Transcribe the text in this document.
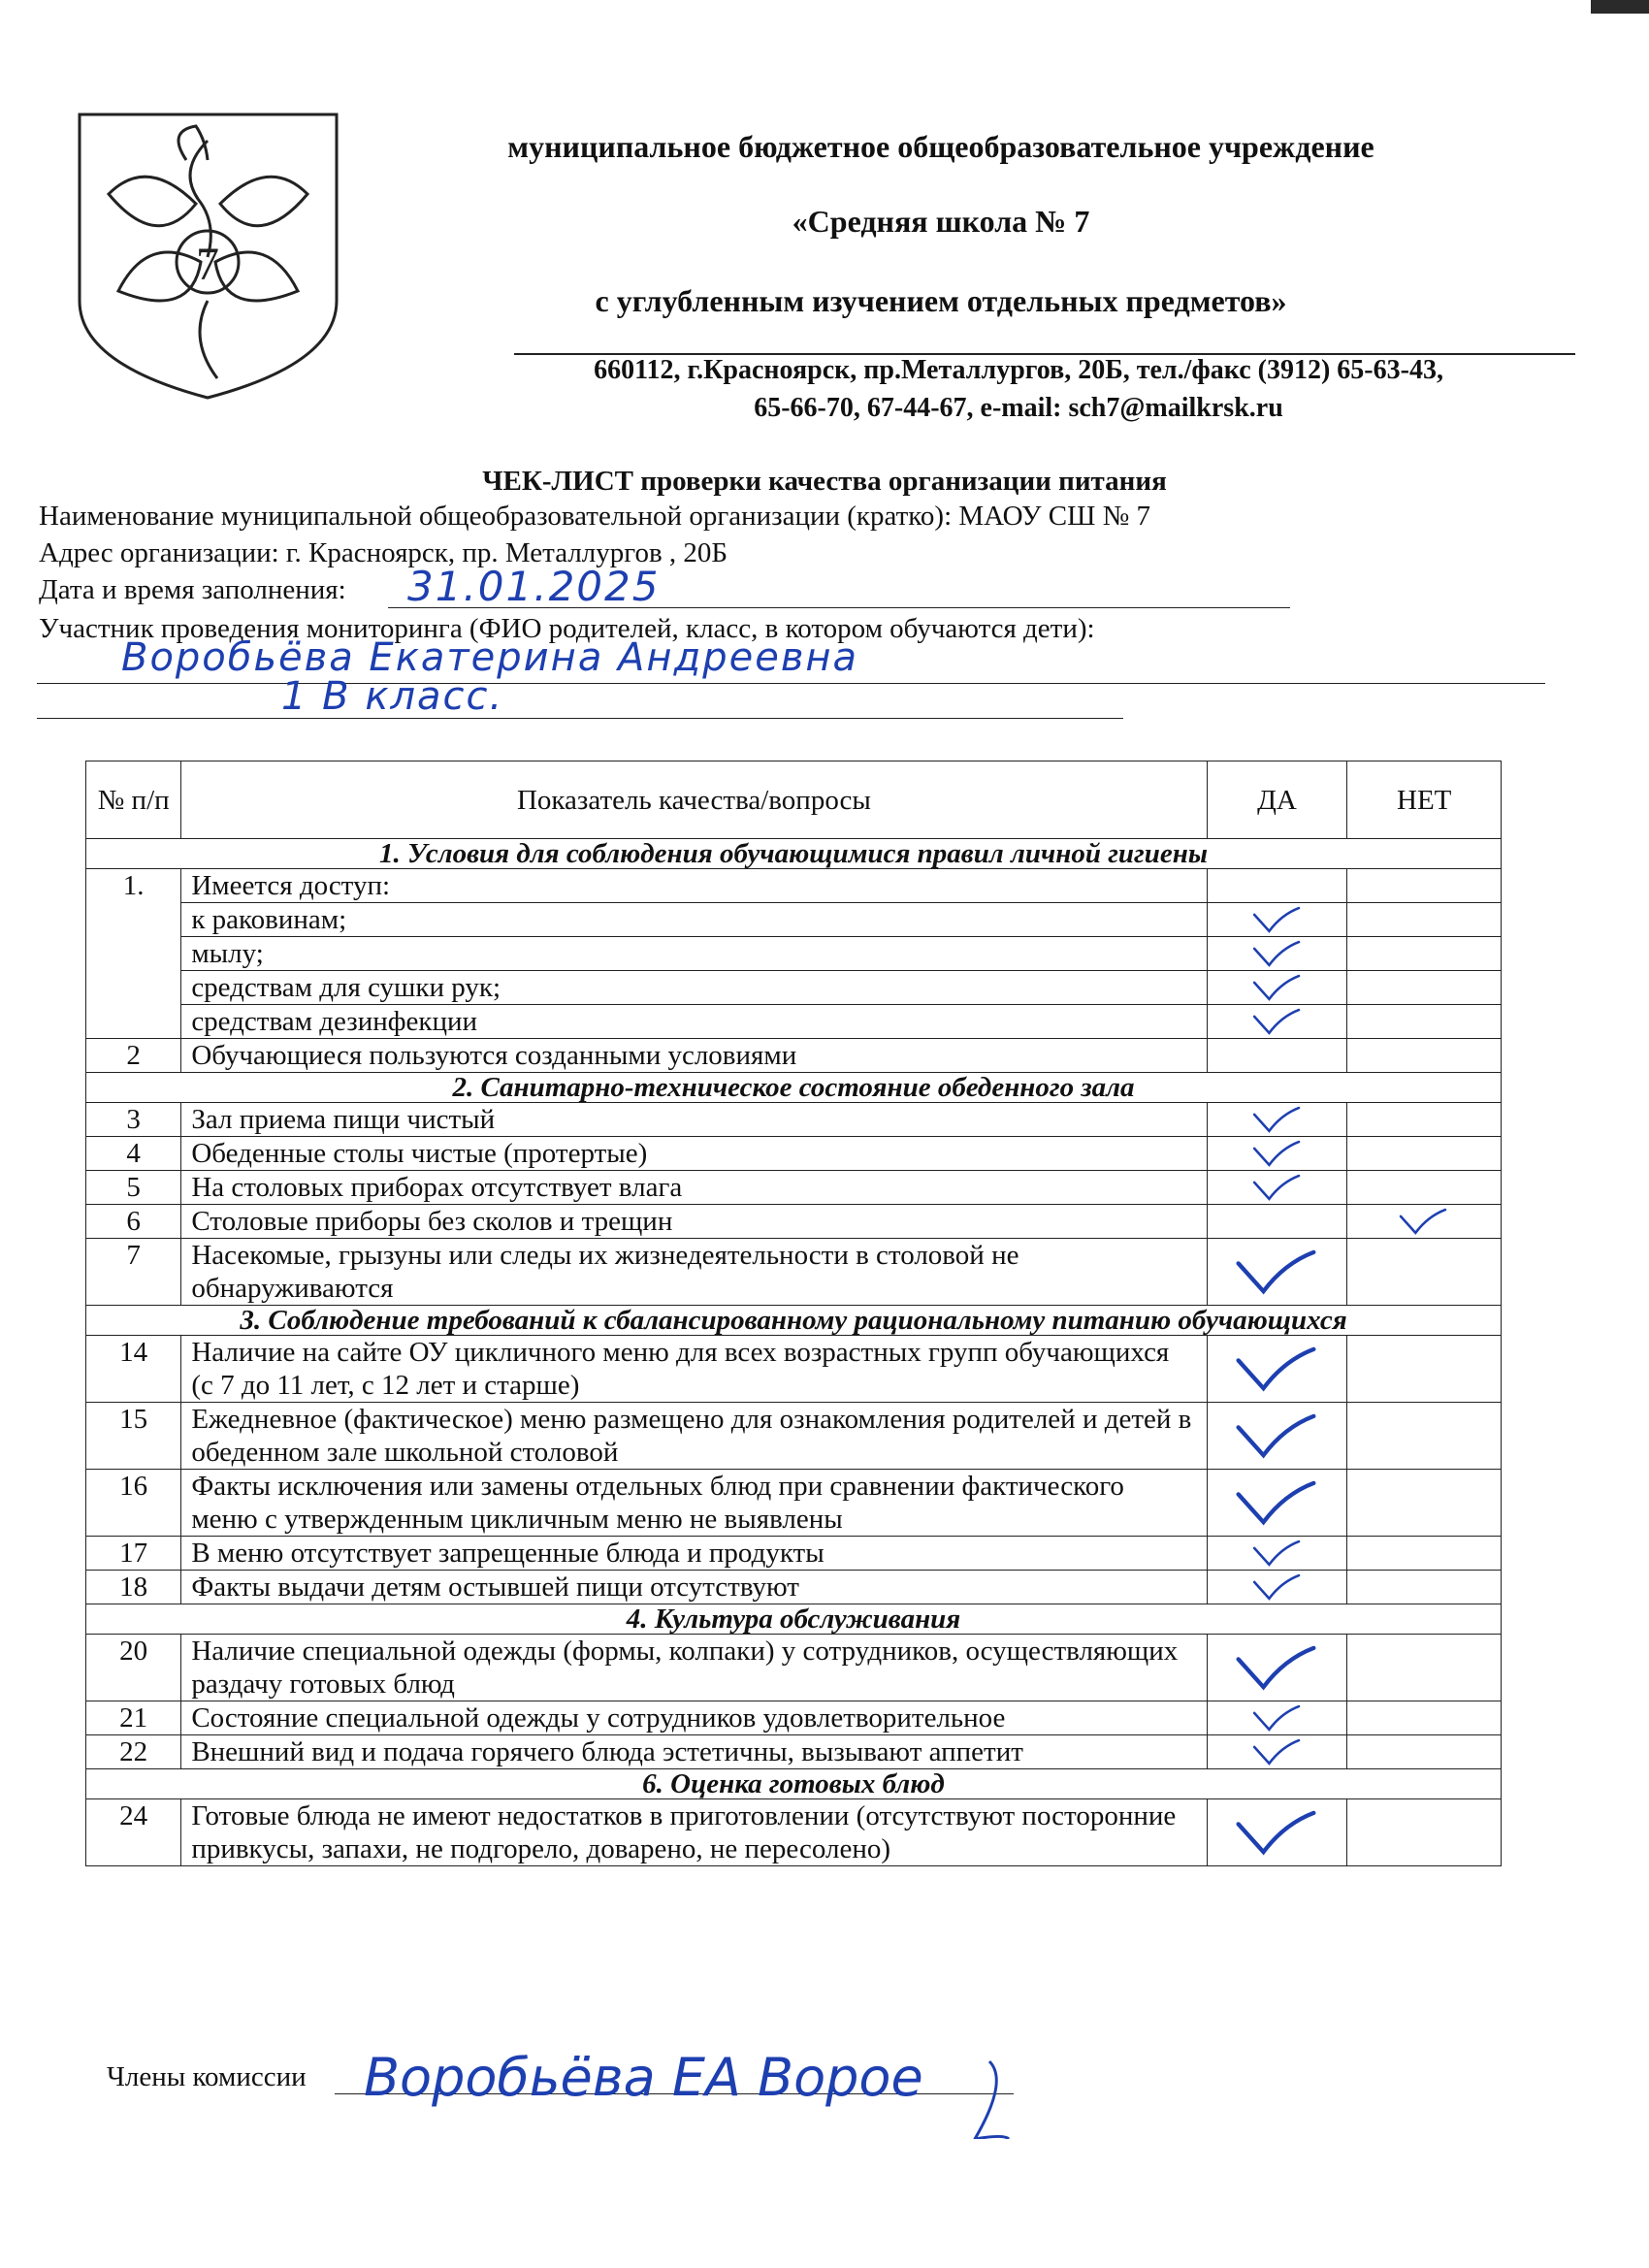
7
муниципальное бюджетное общеобразовательное учреждение
«Средняя школа № 7
с углубленным изучением отдельных предметов»
660112, г.Красноярск, пр.Металлургов, 20Б, тел./факс (3912) 65-63-43,
65-66-70, 67-44-67, e-mail: sch7@mailkrsk.ru
ЧЕК-ЛИСТ проверки качества организации питания
Наименование муниципальной общеобразовательной организации (кратко): МАОУ СШ № 7
Адрес организации: г. Красноярск, пр. Металлургов , 20Б
Дата и время заполнения: 31.01.2025
Участник проведения мониторинга (ФИО родителей, класс, в котором обучаются дети):
Воробьёва Екатерина Андреевна
1 В класс.
№ п/п	Показатель качества/вопросы	ДА	НЕТ
1. Условия для соблюдения обучающимися правил личной гигиены			
1.	Имеется доступ:		
	к раковинам;	

	мылу;	

	средствам для сушки рук;	

	средствам дезинфекции	

2	Обучающиеся пользуются созданными условиями		
2. Санитарно-техническое состояние обеденного зала			
3	Зал приема пищи чистый	

4	Обеденные столы чистые (протертые)	

5	На столовых приборах отсутствует влага	

6	Столовые приборы без сколов и трещин		

7	Насекомые, грызуны или следы их жизнедеятельности в столовой не обнаруживаются	

3. Соблюдение требований к сбалансированному рациональному питанию обучающихся			
14	Наличие на сайте ОУ цикличного меню для всех возрастных групп обучающихся (с 7 до 11 лет, с 12 лет и старше)	

15	Ежедневное (фактическое) меню размещено для ознакомления родителей и детей в обеденном зале школьной столовой	

16	Факты исключения или замены отдельных блюд при сравнении фактического меню с утвержденным цикличным меню не выявлены	

17	В меню отсутствует запрещенные блюда и продукты	

18	Факты выдачи детям остывшей пищи отсутствуют	

4. Культура обслуживания			
20	Наличие специальной одежды (формы, колпаки) у сотрудников, осуществляющих раздачу готовых блюд	

21	Состояние специальной одежды у сотрудников удовлетворительное	

22	Внешний вид и подача горячего блюда эстетичны, вызывают аппетит	

6. Оценка готовых блюд			
24	Готовые блюда не имеют недостатков в приготовлении (отсутствуют посторонние привкусы, запахи, не подгорело, доварено, не пересолено)	

Члены комиссии Воробьёва ЕА Ворое
